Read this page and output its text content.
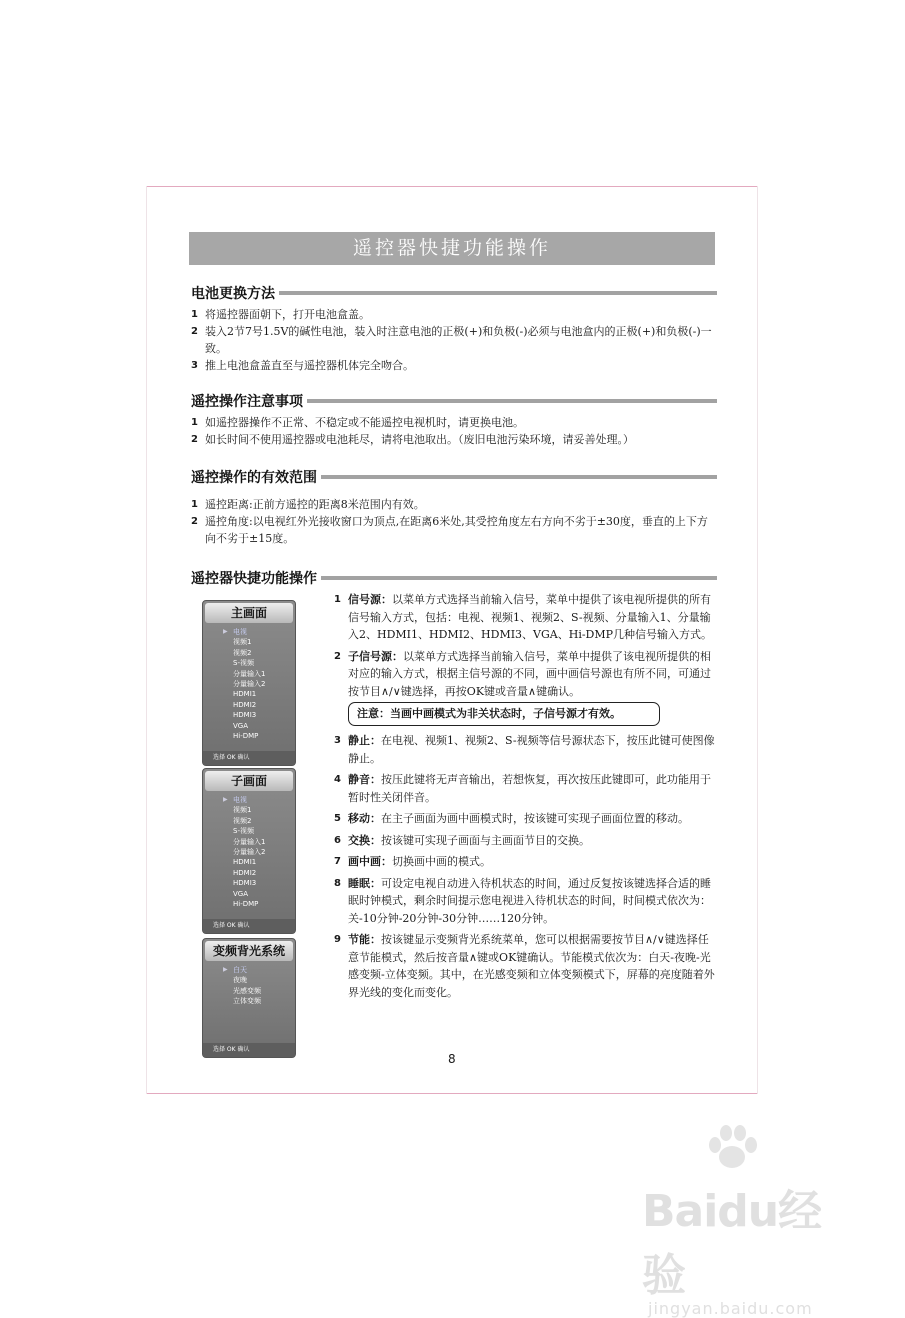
遥控器快捷功能操作
电池更换方法
1 将遥控器面朝下，打开电池盒盖。
2 装入2节7号1.5V的碱性电池，装入时注意电池的正极(+)和负极(-)必须与电池盒内的正极(+)和负极(-)一致。
3 推上电池盒盖直至与遥控器机体完全吻合。
遥控操作注意事项
1 如遥控器操作不正常、不稳定或不能遥控电视机时，请更换电池。
2 如长时间不使用遥控器或电池耗尽，请将电池取出。（废旧电池污染环境，请妥善处理。）
遥控操作的有效范围
1 遥控距离:正前方遥控的距离8米范围内有效。
2 遥控角度:以电视红外光接收窗口为顶点,在距离6米处,其受控角度左右方向不劣于±30度，垂直的上下方向不劣于±15度。
遥控器快捷功能操作
1 信号源：以菜单方式选择当前输入信号，菜单中提供了该电视所提供的所有信号输入方式，包括：电视、视频1、视频2、S-视频、分量输入1、分量输入2、HDMI1、HDMI2、HDMI3、VGA、Hi-DMP几种信号输入方式。
2 子信号源：以菜单方式选择当前输入信号，菜单中提供了该电视所提供的相对应的输入方式，根据主信号源的不同，画中画信号源也有所不同，可通过按节目∧/∨键选择，再按OK键或音量∧键确认。
注意：当画中画模式为非关状态时，子信号源才有效。
3 静止：在电视、视频1、视频2、S-视频等信号源状态下，按压此键可使图像静止。
4 静音：按压此键将无声音输出，若想恢复，再次按压此键即可，此功能用于暂时性关闭伴音。
5 移动：在主子画面为画中画模式时，按该键可实现子画面位置的移动。
6 交换：按该键可实现子画面与主画面节目的交换。
7 画中画：切换画中画的模式。
8 睡眠：可设定电视自动进入待机状态的时间，通过反复按该键选择合适的睡眠时钟模式，剩余时间提示您电视进入待机状态的时间，时间模式依次为：关-10分钟-20分钟-30分钟……120分钟。
9 节能：按该键显示变频背光系统菜单，您可以根据需要按节目∧/∨键选择任意节能模式，然后按音量∧键或OK键确认。节能模式依次为：白天-夜晚-光感变频-立体变频。其中，在光感变频和立体变频模式下，屏幕的亮度随着外界光线的变化而变化。
主画面
▶ 电视
视频1
视频2
S-视频
分量输入1
分量输入2
HDMI1
HDMI2
HDMI3
VGA
Hi-DMP
选择 OK 确认
子画面
▶ 电视
视频1
视频2
S-视频
分量输入1
分量输入2
HDMI1
HDMI2
HDMI3
VGA
Hi-DMP
选择 OK 确认
变频背光系统
▶ 白天
夜晚
光感变频
立体变频
选择 OK 确认
8
Baidu经验
jingyan.baidu.com
